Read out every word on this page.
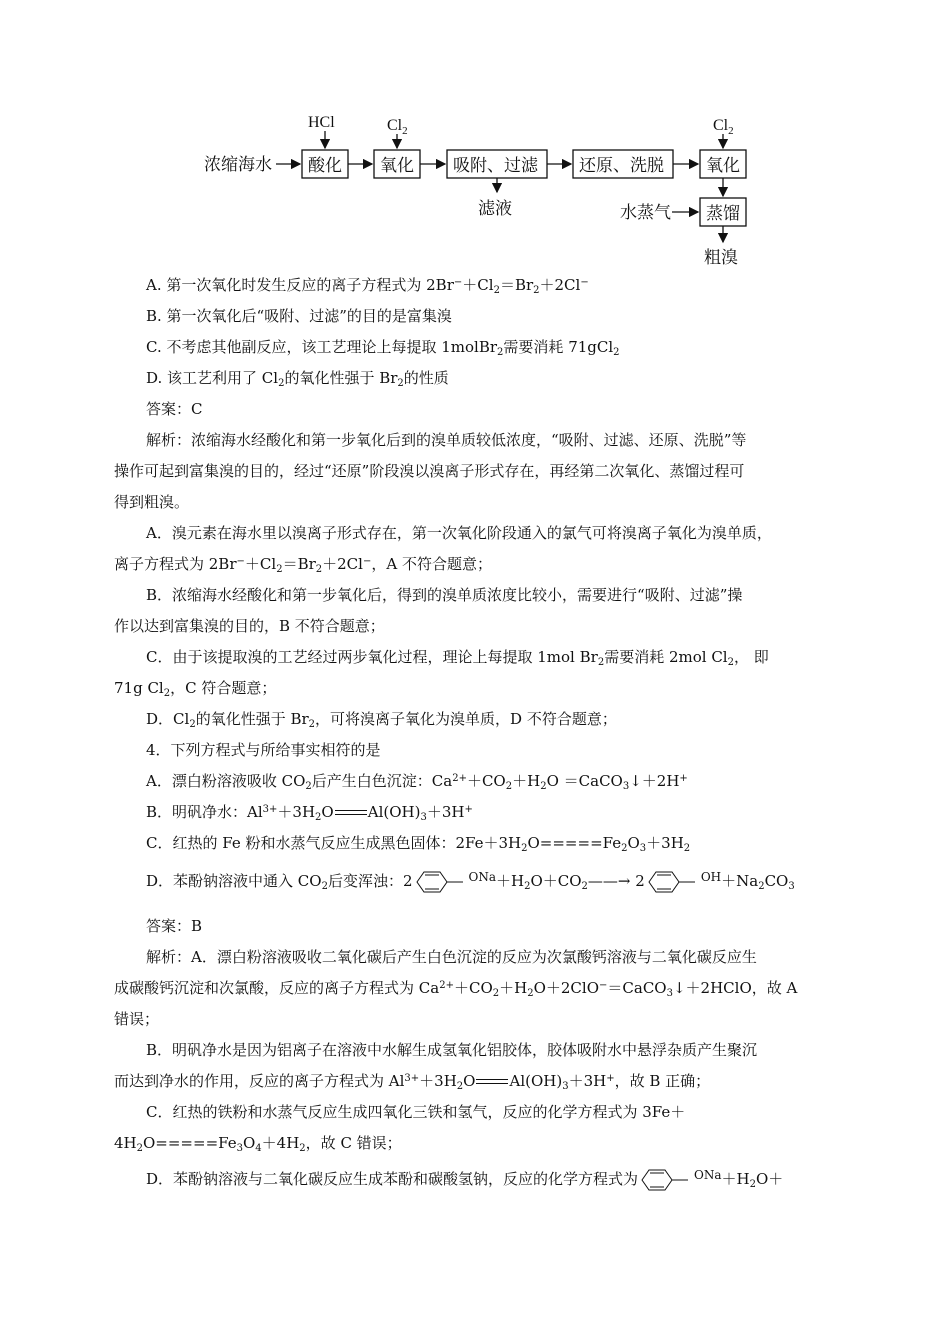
浓缩海水
HCl	$Cl_2$	$Cl_2$
酸化 氧化 吸附、过滤 还原、洗脱 氧化
滤液	水蒸气 蒸馏
粗溴
A. 第一次氧化时发生反应的离子方程式为 $2Br^-+Cl_2=Br_2+2Cl^-$
B. 第一次氧化后“吸附、过滤”的目的是富集溴
C. 不考虑其他副反应，该工艺理论上每提取 1molBr$_2$需要消耗 71gCl$_2$
D. 该工艺利用了 $Cl_2$的氧化性强于 $Br_2$的性质
答案：C
解析：浓缩海水经酸化和第一步氧化后到的溴单质较低浓度，“吸附、过滤、还原、洗脱”等
操作可起到富集溴的目的，经过“还原”阶段溴以溴离子形式存在，再经第二次氧化、蒸馏过程可
得到粗溴。
A．溴元素在海水里以溴离子形式存在，第一次氧化阶段通入的氯气可将溴离子氧化为溴单质，
离子方程式为 $2Br^-+Cl_2=Br_2+2Cl^-$，A 不符合题意；
B．浓缩海水经酸化和第一步氧化后，得到的溴单质浓度比较小，需要进行“吸附、过滤”操
作以达到富集溴的目的，B 不符合题意；
C．由于该提取溴的工艺经过两步氧化过程，理论上每提取 1mol $Br_2$需要消耗 2mol $Cl_2$， 即
71g $Cl_2$，C 符合题意；
D．$Cl_2$的氧化性强于 $Br_2$，可将溴离子氧化为溴单质，D 不符合题意；
4．下列方程式与所给事实相符的是
A．漂白粉溶液吸收 $CO_2$后产生白色沉淀：$Ca^{2+}+CO_2+H_2O$ ＝CaCO$_3$↓＋2H+
B．明矾净水：$Al^{3+}+3H_2O$ $Al(OH)_3+3H^+$
C．红热的 Fe 粉和水蒸气反应生成黑色固体：$2Fe+3H_2O=====Fe_2O_3+3H_2$
D．苯酚钠溶液中通入 $CO_2$后变浑浊：2	$^{ONa}+H_2O+CO_2——\to 2$	$^{OH}+Na_2CO_3$
答案：B
解析：A．漂白粉溶液吸收二氧化碳后产生白色沉淀的反应为次氯酸钙溶液与二氧化碳反应生
成碳酸钙沉淀和次氯酸，反应的离子方程式为 $Ca^{2+}+CO_2+H_2O+2ClO^-=CaCO_3↓+2HClO$，故 A
错误；
B．明矾净水是因为铝离子在溶液中水解生成氢氧化铝胶体，胶体吸附水中悬浮杂质产生聚沉
而达到净水的作用，反应的离子方程式为 $Al^{3+}+3H_2O$ $Al(OH)_3+3H^+$，故 B 正确；
C．红热的铁粉和水蒸气反应生成四氧化三铁和氢气，反应的化学方程式为 3Fe＋
$4H_2O=====Fe_3O_4+4H_2$，故 C 错误；
D．苯酚钠溶液与二氧化碳反应生成苯酚和碳酸氢钠，反应的化学方程式为	$^{ONa}+H_2O+$
